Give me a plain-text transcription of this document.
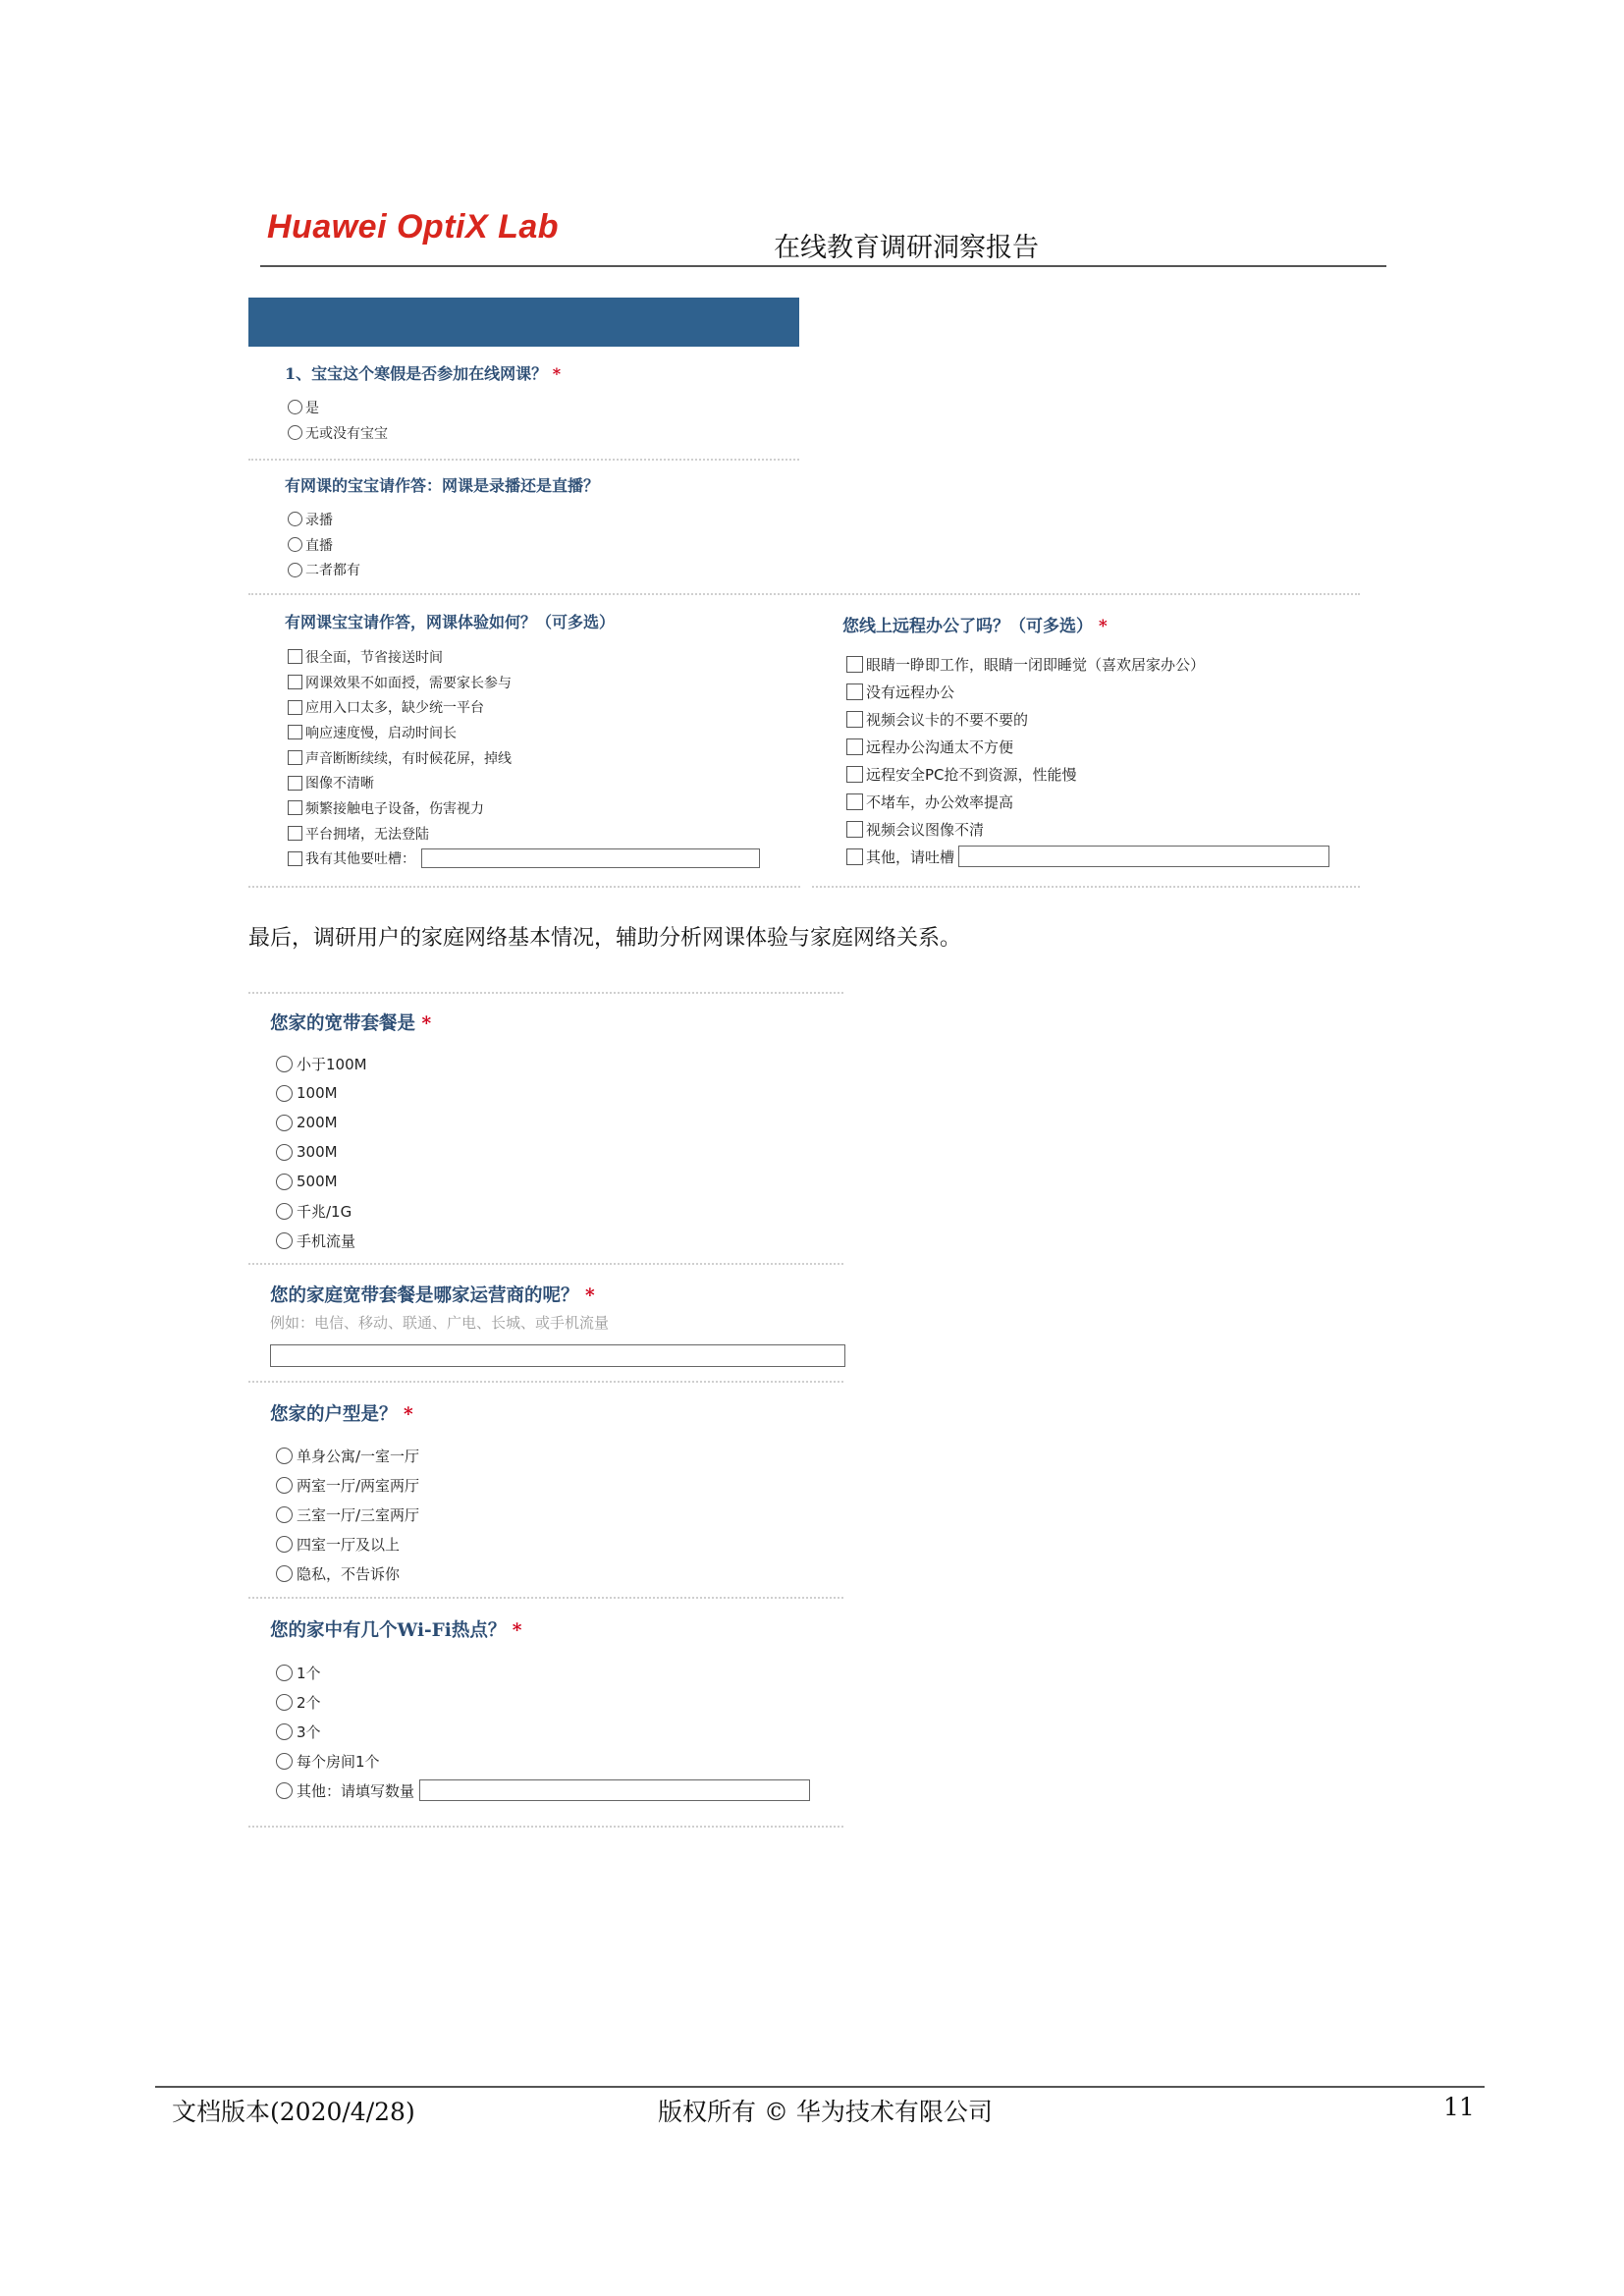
Huawei OptiX Lab
在线教育调研洞察报告
1、宝宝这个寒假是否参加在线网课？ *
是
无或没有宝宝
有网课的宝宝请作答：网课是录播还是直播？
录播
直播
二者都有
有网课宝宝请作答，网课体验如何？（可多选）
很全面，节省接送时间
网课效果不如面授，需要家长参与
应用入口太多，缺少统一平台
响应速度慢，启动时间长
声音断断续续，有时候花屏，掉线
图像不清晰
频繁接触电子设备，伤害视力
平台拥堵，无法登陆
我有其他要吐槽：
您线上远程办公了吗？（可多选） *
眼睛一睁即工作，眼睛一闭即睡觉（喜欢居家办公）
没有远程办公
视频会议卡的不要不要的
远程办公沟通太不方便
远程安全PC抢不到资源，性能慢
不堵车，办公效率提高
视频会议图像不清
其他，请吐槽
最后，调研用户的家庭网络基本情况，辅助分析网课体验与家庭网络关系。
您家的宽带套餐是 *
小于100M
100M
200M
300M
500M
千兆/1G
手机流量
您的家庭宽带套餐是哪家运营商的呢？ *
例如：电信、移动、联通、广电、长城、或手机流量
您家的户型是？ *
单身公寓/一室一厅
两室一厅/两室两厅
三室一厅/三室两厅
四室一厅及以上
隐私，不告诉你
您的家中有几个Wi-Fi热点？ *
1个
2个
3个
每个房间1个
其他：请填写数量
文档版本(2020/4/28)	版权所有 © 华为技术有限公司	11
